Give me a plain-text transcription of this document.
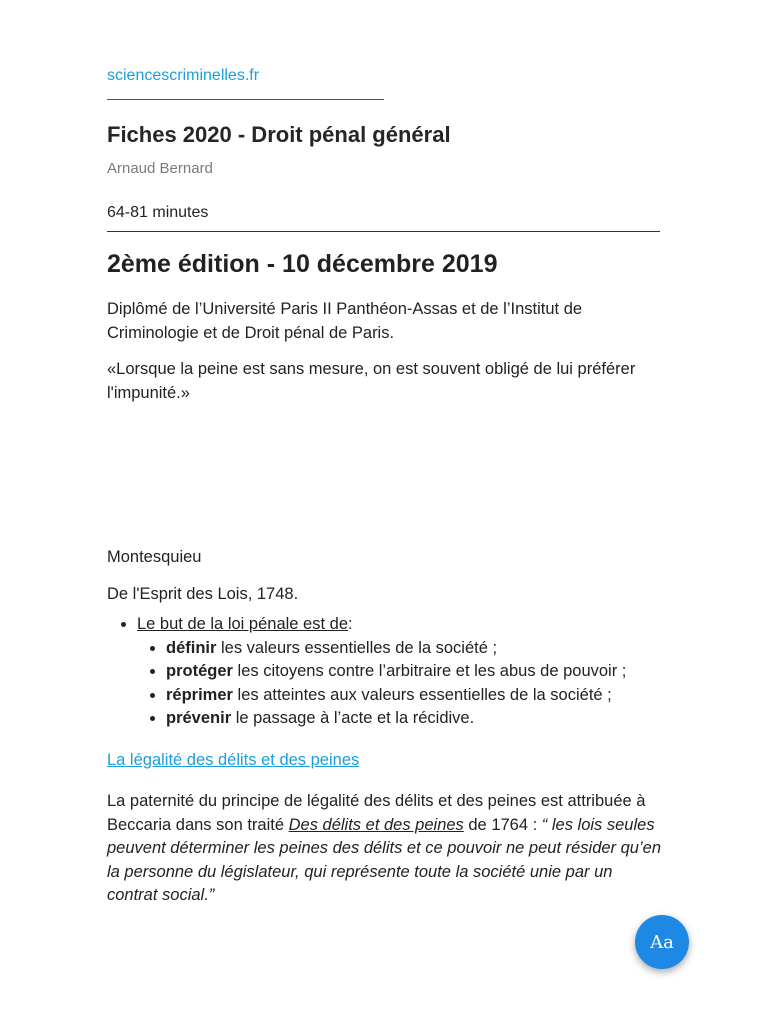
sciencescriminelles.fr
Fiches 2020 - Droit pénal général
Arnaud Bernard
64-81 minutes
2ème édition - 10 décembre 2019

Diplômé de l’Université Paris II Panthéon-Assas et de l’Institut de Criminologie et de Droit pénal de Paris.

«Lorsque la peine est sans mesure, on est souvent obligé de lui préférer l'impunité.»

Montesquieu

De l'Esprit des Lois, 1748.

• Le but de la loi pénale est de:
• définir les valeurs essentielles de la société ;
• protéger les citoyens contre l’arbitraire et les abus de pouvoir ;
• réprimer les atteintes aux valeurs essentielles de la société ;
• prévenir le passage à l’acte et la récidive.
La légalité des délits et des peines

La paternité du principe de légalité des délits et des peines est attribuée à Beccaria dans son traité Des délits et des peines de 1764 : “ les lois seules peuvent déterminer les peines des délits et ce pouvoir ne peut résider qu’en la personne du législateur, qui représente toute la société unie par un contrat social.”

Aa
